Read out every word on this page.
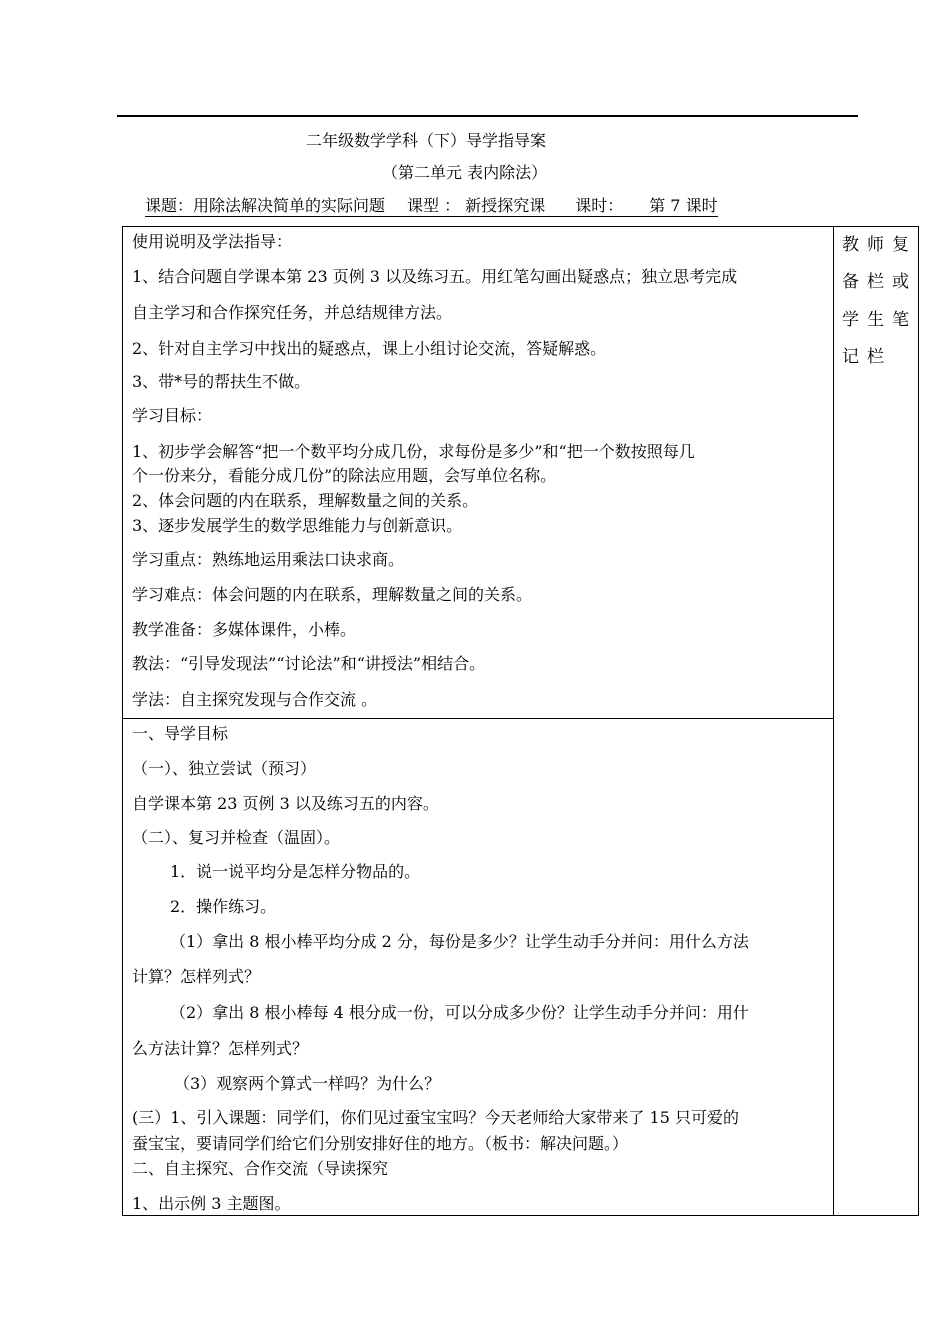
二年级数学学科（下）导学指导案
（第二单元 表内除法）
课题：用除法解决简单的实际问题 课型 ： 新授探究课 课时： 第 7 课时
教师复
备栏或
学生笔
记栏
使用说明及学法指导：
1、结合问题自学课本第 23 页例 3 以及练习五。用红笔勾画出疑惑点；独立思考完成
自主学习和合作探究任务，并总结规律方法。
2、针对自主学习中找出的疑惑点，课上小组讨论交流，答疑解惑。
3、带*号的帮扶生不做。
学习目标：
1、初步学会解答“把一个数平均分成几份，求每份是多少”和“把一个数按照每几
个一份来分，看能分成几份”的除法应用题，会写单位名称。
2、体会问题的内在联系，理解数量之间的关系。
3、逐步发展学生的数学思维能力与创新意识。
学习重点：熟练地运用乘法口诀求商。
学习难点：体会问题的内在联系，理解数量之间的关系。
教学准备：多媒体课件，小棒。
教法：“引导发现法”“讨论法”和“讲授法”相结合。
学法：自主探究发现与合作交流 。
一、导学目标
（一）、独立尝试（预习）
自学课本第 23 页例 3 以及练习五的内容。
（二）、复习并检查（温固）。
1．说一说平均分是怎样分物品的。
2．操作练习。
（1）拿出 8 根小棒平均分成 2 分，每份是多少？让学生动手分并问：用什么方法
计算？怎样列式？
（2）拿出 8 根小棒每 4 根分成一份，可以分成多少份？让学生动手分并问：用什
么方法计算？怎样列式？
（3）观察两个算式一样吗？为什么？
(三）1、引入课题：同学们，你们见过蚕宝宝吗？今天老师给大家带来了 15 只可爱的
蚕宝宝，要请同学们给它们分别安排好住的地方。（板书：解决问题。）
二、自主探究、合作交流（导读探究
1、出示例 3 主题图。
